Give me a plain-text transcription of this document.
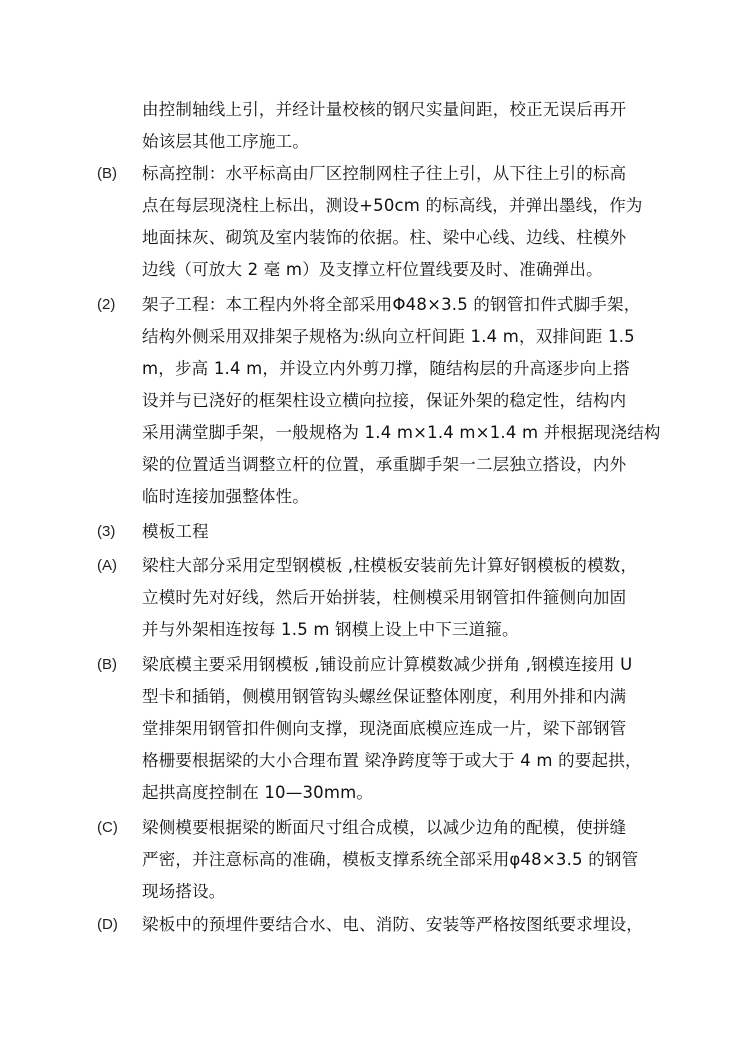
由控制轴线上引，并经计量校核的钢尺实量间距，校正无误后再开
始该层其他工序施工。
(B)	标高控制：水平标高由厂区控制网柱子往上引，从下往上引的标高
点在每层现浇柱上标出，测设+50cm 的标高线，并弹出墨线，作为
地面抹灰、砌筑及室内装饰的依据。柱、梁中心线、边线、柱模外
边线（可放大 2 毫 m）及支撑立杆位置线要及时、准确弹出。
(2)	架子工程：本工程内外将全部采用Φ48×3.5 的钢管扣件式脚手架，
结构外侧采用双排架子规格为:纵向立杆间距 1.4 m，双排间距 1.5
m，步高 1.4 m，并设立内外剪刀撑，随结构层的升高逐步向上搭
设并与已浇好的框架柱设立横向拉接，保证外架的稳定性，结构内
采用满堂脚手架，一般规格为 1.4 m×1.4 m×1.4 m 并根据现浇结构
梁的位置适当调整立杆的位置，承重脚手架一二层独立搭设，内外
临时连接加强整体性。
(3)	模板工程
(A)	梁柱大部分采用定型钢模板 ,柱模板安装前先计算好钢模板的模数，
立模时先对好线，然后开始拼装，柱侧模采用钢管扣件箍侧向加固
并与外架相连按每 1.5 m 钢模上设上中下三道箍。
(B)	梁底模主要采用钢模板 ,铺设前应计算模数减少拼角 ,钢模连接用 U
型卡和插销，侧模用钢管钩头螺丝保证整体刚度，利用外排和内满
堂排架用钢管扣件侧向支撑，现浇面底模应连成一片，梁下部钢管
格栅要根据梁的大小合理布置 梁净跨度等于或大于 4 m 的要起拱，
起拱高度控制在 10—30mm。
(C)	梁侧模要根据梁的断面尺寸组合成模，以减少边角的配模，使拼缝
严密，并注意标高的准确，模板支撑系统全部采用φ48×3.5 的钢管
现场搭设。
(D)	梁板中的预埋件要结合水、电、消防、安装等严格按图纸要求埋设，
